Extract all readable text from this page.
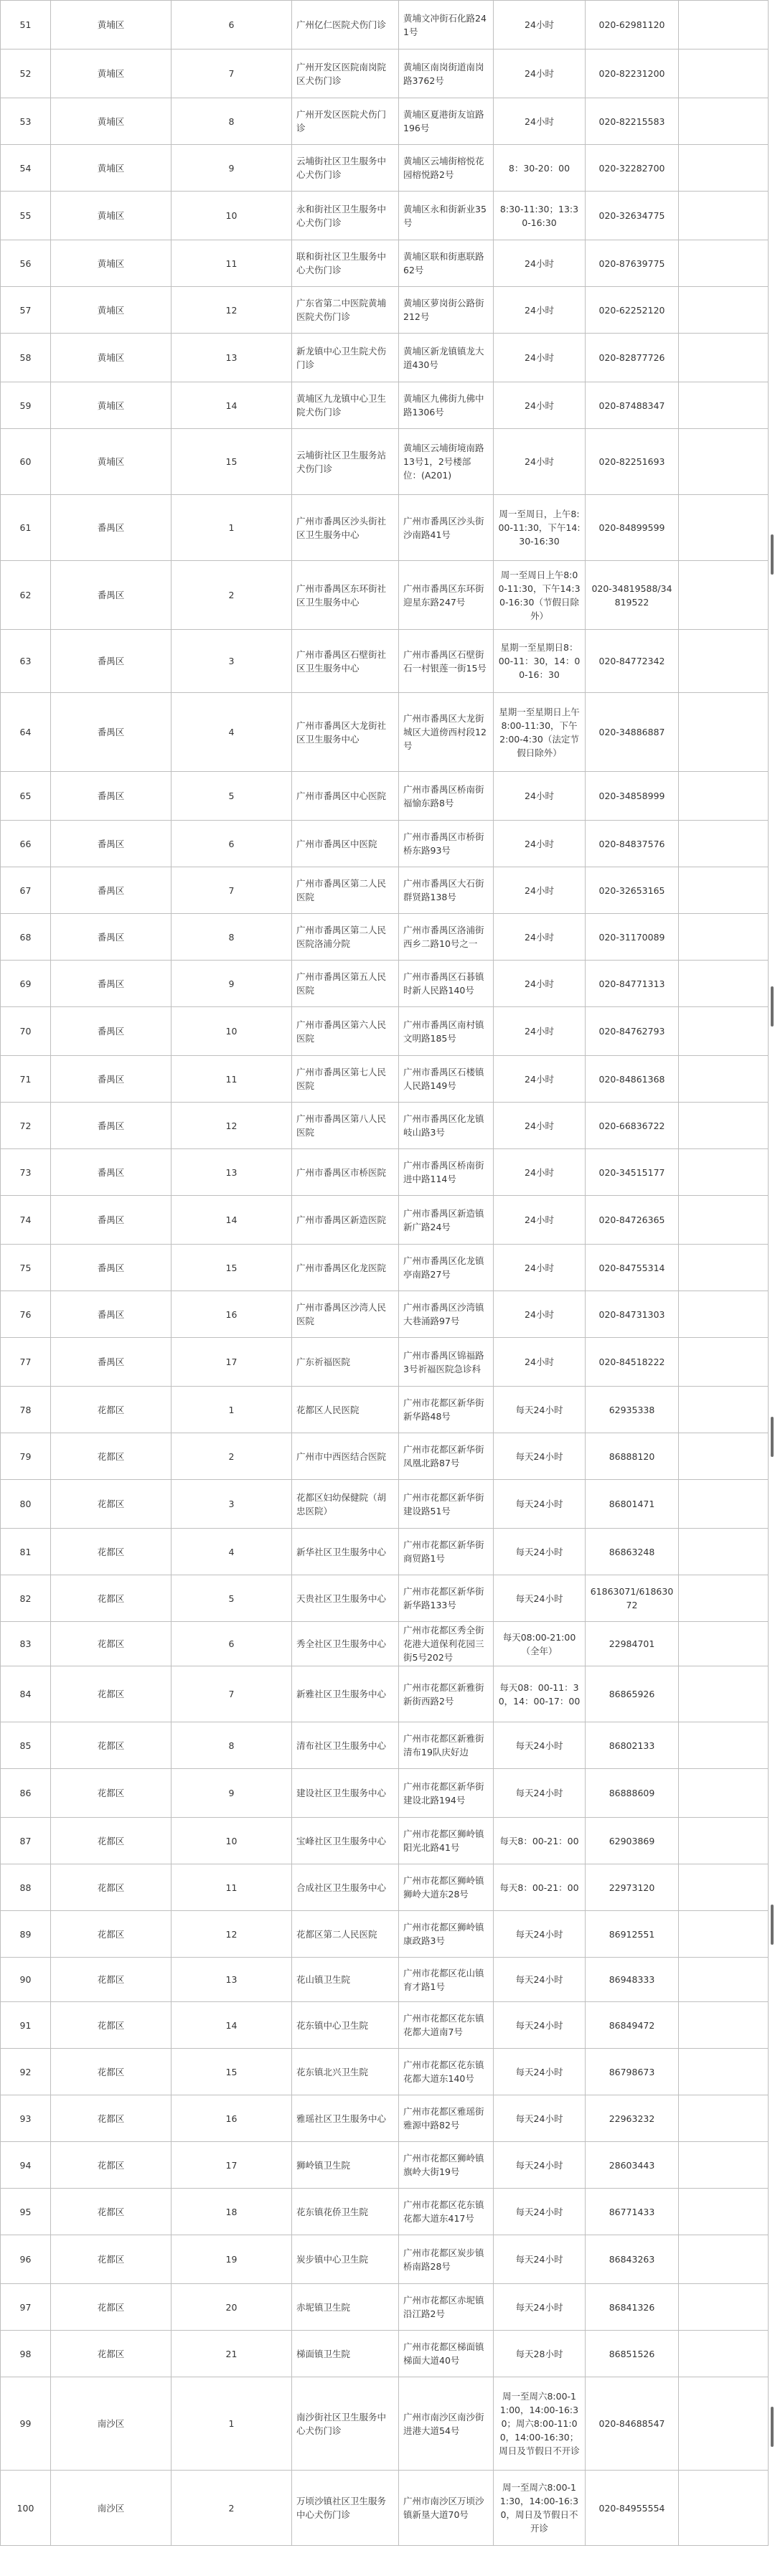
51	黄埔区	6	广州亿仁医院犬伤门诊	黄埔文冲街石化路241号	24小时	020-62981120	
52	黄埔区	7	广州开发区医院南岗院区犬伤门诊	黄埔区南岗街道南岗路3762号	24小时	020-82231200	
53	黄埔区	8	广州开发区医院犬伤门诊	黄埔区夏港街友谊路196号	24小时	020-82215583	
54	黄埔区	9	云埔街社区卫生服务中心犬伤门诊	黄埔区云埔街榕悦花园榕悦路2号	8：30-20：00	020-32282700	
55	黄埔区	10	永和街社区卫生服务中心犬伤门诊	黄埔区永和街新业35号	8:30-11:30；13:30-16:30	020-32634775	
56	黄埔区	11	联和街社区卫生服务中心犬伤门诊	黄埔区联和街惠联路62号	24小时	020-87639775	
57	黄埔区	12	广东省第二中医院黄埔医院犬伤门诊	黄埔区萝岗街公路街212号	24小时	020-62252120	
58	黄埔区	13	新龙镇中心卫生院犬伤门诊	黄埔区新龙镇镇龙大道430号	24小时	020-82877726	
59	黄埔区	14	黄埔区九龙镇中心卫生院犬伤门诊	黄埔区九佛街九佛中路1306号	24小时	020-87488347	
60	黄埔区	15	云埔街社区卫生服务站犬伤门诊	黄埔区云埔街境南路13号1，2号楼部位：(A201)	24小时	020-82251693	
61	番禺区	1	广州市番禺区沙头街社区卫生服务中心	广州市番禺区沙头街沙南路41号	周一至周日，上午8:00-11:30，下午14:30-16:30	020-84899599	
62	番禺区	2	广州市番禺区东环街社区卫生服务中心	广州市番禺区东环街迎星东路247号	周一至周日上午8:00-11:30，下午14:30-16:30（节假日除外）	020-34819588/34819522	
63	番禺区	3	广州市番禺区石壁街社区卫生服务中心	广州市番禺区石壁街石一村银莲一街15号	星期一至星期日8：00-11：30，14：00-16：30	020-84772342	
64	番禺区	4	广州市番禺区大龙街社区卫生服务中心	广州市番禺区大龙街城区大道傍西村段12号	星期一至星期日上午8:00-11:30，下午2:00-4:30（法定节假日除外）	020-34886887	
65	番禺区	5	广州市番禺区中心医院	广州市番禺区桥南街福愉东路8号	24小时	020-34858999	
66	番禺区	6	广州市番禺区中医院	广州市番禺区市桥街桥东路93号	24小时	020-84837576	
67	番禺区	7	广州市番禺区第二人民医院	广州市番禺区大石街群贤路138号	24小时	020-32653165	
68	番禺区	8	广州市番禺区第二人民医院洛浦分院	广州市番禺区洛浦街西乡二路10号之一	24小时	020-31170089	
69	番禺区	9	广州市番禺区第五人民医院	广州市番禺区石碁镇时新人民路140号	24小时	020-84771313	
70	番禺区	10	广州市番禺区第六人民医院	广州市番禺区南村镇文明路185号	24小时	020-84762793	
71	番禺区	11	广州市番禺区第七人民医院	广州市番禺区石楼镇人民路149号	24小时	020-84861368	
72	番禺区	12	广州市番禺区第八人民医院	广州市番禺区化龙镇岐山路3号	24小时	020-66836722	
73	番禺区	13	广州市番禺区市桥医院	广州市番禺区桥南街进中路114号	24小时	020-34515177	
74	番禺区	14	广州市番禺区新造医院	广州市番禺区新造镇新广路24号	24小时	020-84726365	
75	番禺区	15	广州市番禺区化龙医院	广州市番禺区化龙镇亭南路27号	24小时	020-84755314	
76	番禺区	16	广州市番禺区沙湾人民医院	广州市番禺区沙湾镇大巷涌路97号	24小时	020-84731303	
77	番禺区	17	广东祈福医院	广州市番禺区锦福路3号祈福医院急诊科	24小时	020-84518222	
78	花都区	1	花都区人民医院	广州市花都区新华街新华路48号	每天24小时	62935338	
79	花都区	2	广州市中西医结合医院	广州市花都区新华街凤凰北路87号	每天24小时	86888120	
80	花都区	3	花都区妇幼保健院（胡忠医院）	广州市花都区新华街建设路51号	每天24小时	86801471	
81	花都区	4	新华社区卫生服务中心	广州市花都区新华街商贸路1号	每天24小时	86863248	
82	花都区	5	天贵社区卫生服务中心	广州市花都区新华街新华路133号	每天24小时	61863071/61863072	
83	花都区	6	秀全社区卫生服务中心	广州市花都区秀全街花港大道保利花园三街5号202号	每天08:00-21:00（全年）	22984701	
84	花都区	7	新雅社区卫生服务中心	广州市花都区新雅街新街西路2号	每天08：00-11：30，14：00-17：00	86865926	
85	花都区	8	清布社区卫生服务中心	广州市花都区新雅街清布19队庆好边	每天24小时	86802133	
86	花都区	9	建设社区卫生服务中心	广州市花都区新华街建设北路194号	每天24小时	86888609	
87	花都区	10	宝峰社区卫生服务中心	广州市花都区狮岭镇阳光北路41号	每天8：00-21：00	62903869	
88	花都区	11	合成社区卫生服务中心	广州市花都区狮岭镇狮岭大道东28号	每天8：00-21：00	22973120	
89	花都区	12	花都区第二人民医院	广州市花都区狮岭镇康政路3号	每天24小时	86912551	
90	花都区	13	花山镇卫生院	广州市花都区花山镇育才路1号	每天24小时	86948333	
91	花都区	14	花东镇中心卫生院	广州市花都区花东镇花都大道南7号	每天24小时	86849472	
92	花都区	15	花东镇北兴卫生院	广州市花都区花东镇花都大道东140号	每天24小时	86798673	
93	花都区	16	雅瑶社区卫生服务中心	广州市花都区雅瑶街雅源中路82号	每天24小时	22963232	
94	花都区	17	狮岭镇卫生院	广州市花都区狮岭镇旗岭大街19号	每天24小时	28603443	
95	花都区	18	花东镇花侨卫生院	广州市花都区花东镇花都大道东417号	每天24小时	86771433	
96	花都区	19	炭步镇中心卫生院	广州市花都区炭步镇桥南路28号	每天24小时	86843263	
97	花都区	20	赤坭镇卫生院	广州市花都区赤坭镇沿江路2号	每天24小时	86841326	
98	花都区	21	梯面镇卫生院	广州市花都区梯面镇梯面大道40号	每天28小时	86851526	
99	南沙区	1	南沙街社区卫生服务中心犬伤门诊	广州市南沙区南沙街进港大道54号	周一至周六8:00-11:00，14:00-16:30；周六8:00-11:00，14:00-16:30；周日及节假日不开诊	020-84688547	
100	南沙区	2	万顷沙镇社区卫生服务中心犬伤门诊	广州市南沙区万顷沙镇新垦大道70号	周一至周六8:00-11:30，14:00-16:30，周日及节假日不开诊	020-84955554	
